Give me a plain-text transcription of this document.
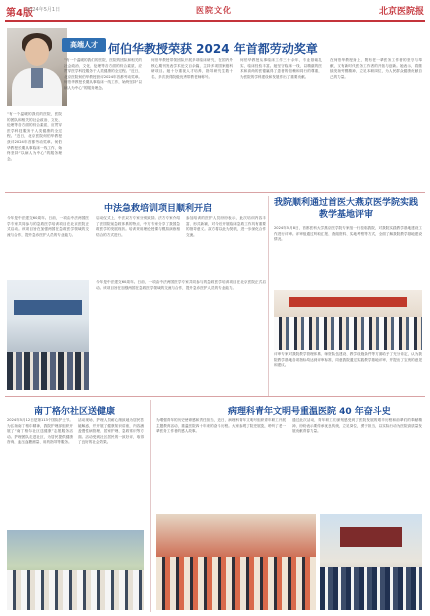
第4版
2024年5月1日	医院文化	北京医院报
高端人才 何伯华教授荣获 2024 年首都劳动奖章
“有一个温暖的我们的医院，医院的团队和相关的社会政治、文化、伦理等各方面的综合素质，应贯穿医学科技服务于人类健康的全过程。”近日，北京医院何伯华教授获评2024年首都劳动奖章。何伯华教授长期从事临床一线工作，始终坚持“以病人为中心”的服务理念。
何伯华教授带领团队开展多项临床研究，在国内外核心期刊发表学术论文百余篇，主持多项国家级科研项目。她十分重视人才培养，指导研究生数十名，多次获得院级优秀带教老师称号。
何伯华教授从事临床工作三十余年，专业基础扎实，临床经验丰富。她坚守临床一线，以精湛的医术和高尚的医德赢得了患者的信赖和同行的尊重，为医院的学科建设和发展作出了重要贡献。
在何伯华教授身上，既有老一辈医务工作者的坚守与奉献，又有新时代医务工作者的开拓与创新。她表示，将继续发扬劳模精神，立足本职岗位，为人民群众健康贡献自己的力量。
“有一个温暖的我们的医院，医院的团队和相关的社会政治、文化、伦理等各方面的综合素质，应贯穿医学科技服务于人类健康的全过程。”近日，北京医院何伯华教授获评2024年首都劳动奖章。何伯华教授长期从事临床一线工作，始终坚持“以病人为中心”的服务理念。
中法急救培训项目顺利开启
今年是中法建交60周年。日前，一项由中法两国医学专家共同参与的急救医学培训项目在北京医院正式启动。该项目旨在加强两国在急救医学领域的交流与合作，提升急诊医护人员的专业能力。
启动仪式上，中法双方专家分别致辞。法方专家介绍了法国院前急救体系的特点，中方专家分享了我国急救医学的发展现状。培训采用理论授课与模拟演练相结合的方式进行。
参加培训的医护人员纷纷表示，此次培训内容丰富、形式新颖，对今后开展临床急救工作具有重要的指导意义。双方将以此为契机，进一步深化合作交流。
今年是中法建交60周年。日前，一项由中法两国医学专家共同参与的急救医学培训项目在北京医院正式启动。该项目旨在加强两国在急救医学领域的交流与合作，提升急诊医护人员的专业能力。
我院顺利通过首医大燕京医学院实践教学基地评审
2024年5月8日，首都医科大学燕京医学院专家组一行莅临我院，对我院实践教学基地建设工作进行评审。评审组通过听取汇报、查阅资料、实地考察等方式，全面了解我院教学基地建设情况。
评审专家对我院教学管理体系、师资队伍建设、教学设施条件等方面给予了充分肯定，认为我院教学基地各项指标均达到评审标准，同意我院通过实践教学基地评审，并提出了宝贵的意见和建议。
南丁格尔社区送健康
2024年5月12日是第113个国际护士节。为弘扬南丁格尔精神，我院护理部组织开展了“南丁格尔社区送健康”志愿服务活动。护理团队走进社区，为居民提供健康咨询、血压血糖测量、用药指导等服务。
活动现场，护理人员耐心细致地为居民答疑解惑，并开展了健康知识讲座，内容涵盖慢性病管理、居家护理、急救常识等方面。活动受到社区居民的一致好评，取得了良好的社会效果。
病理科青年文明号重温医院 40 年奋斗史
为增强青年的历史使命感和责任担当，近日，病理科青年文明号组织青年职工开展主题教育活动，重温医院四十年来的奋斗历程。大家参观了院史展览，聆听了老一辈医务工作者的感人故事。
通过此次活动，青年职工们深刻感受到了医院发展的艰辛历程和前辈们的奉献精神，纷纷表示要传承优良传统，立足岗位，勇于担当，以实际行动为医院高质量发展贡献青春力量。
